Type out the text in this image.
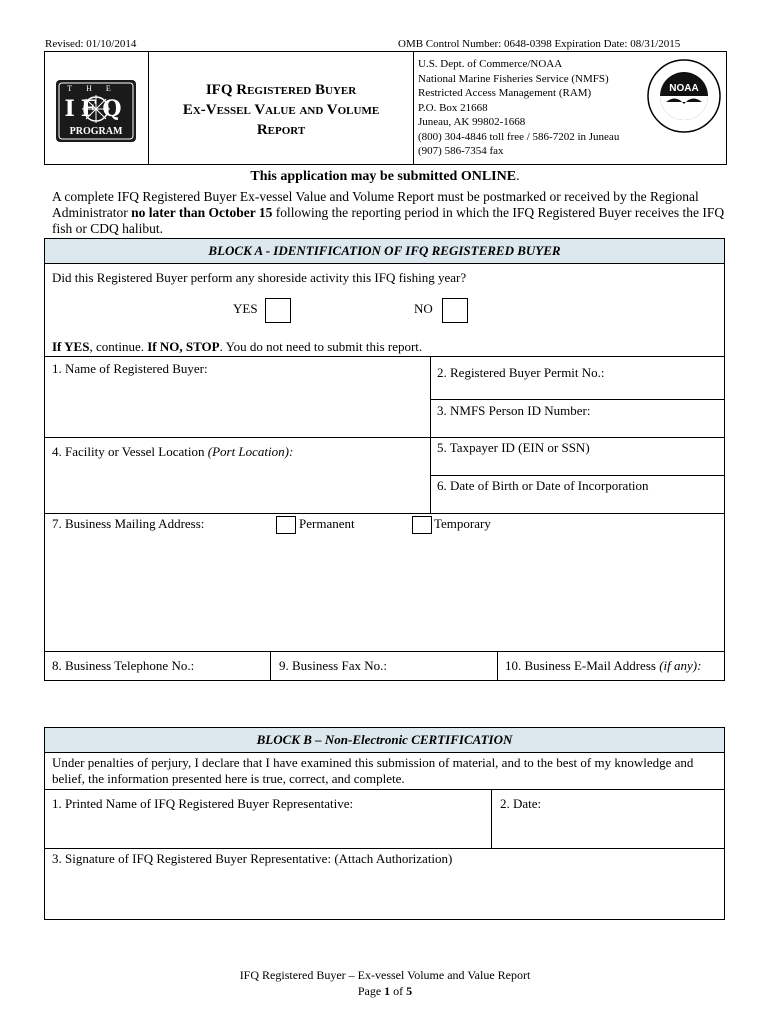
Revised: 01/10/2014	OMB Control Number: 0648-0398 Expiration Date: 08/31/2015
THE
IFQ
PROGRAM
IFQ Registered Buyer
Ex-Vessel Value and Volume
Report
U.S. Dept. of Commerce/NOAA
National Marine Fisheries Service (NMFS)
Restricted Access Management (RAM)
P.O. Box 21668
Juneau, AK 99802-1668
(800) 304-4846 toll free / 586-7202 in Juneau
(907) 586-7354 fax
NOAA
This application may be submitted ONLINE.
A complete IFQ Registered Buyer Ex-vessel Value and Volume Report must be postmarked or received by the Regional Administrator no later than October 15 following the reporting period in which the IFQ Registered Buyer receives the IFQ fish or CDQ halibut.
BLOCK A - IDENTIFICATION OF IFQ REGISTERED BUYER
Did this Registered Buyer perform any shoreside activity this IFQ fishing year?
YES	NO
If YES, continue. If NO, STOP. You do not need to submit this report.
1. Name of Registered Buyer:	2. Registered Buyer Permit No.:
3. NMFS Person ID Number:
4. Facility or Vessel Location (Port Location):	5. Taxpayer ID (EIN or SSN)
6. Date of Birth or Date of Incorporation
7. Business Mailing Address:	Permanent	Temporary
8. Business Telephone No.:	9. Business Fax No.:	10. Business E-Mail Address (if any):
BLOCK B – Non-Electronic CERTIFICATION
Under penalties of perjury, I declare that I have examined this submission of material, and to the best of my knowledge and belief, the information presented here is true, correct, and complete.
1. Printed Name of IFQ Registered Buyer Representative:	2. Date:
3. Signature of IFQ Registered Buyer Representative: (Attach Authorization)
IFQ Registered Buyer – Ex-vessel Volume and Value Report
Page 1 of 5
